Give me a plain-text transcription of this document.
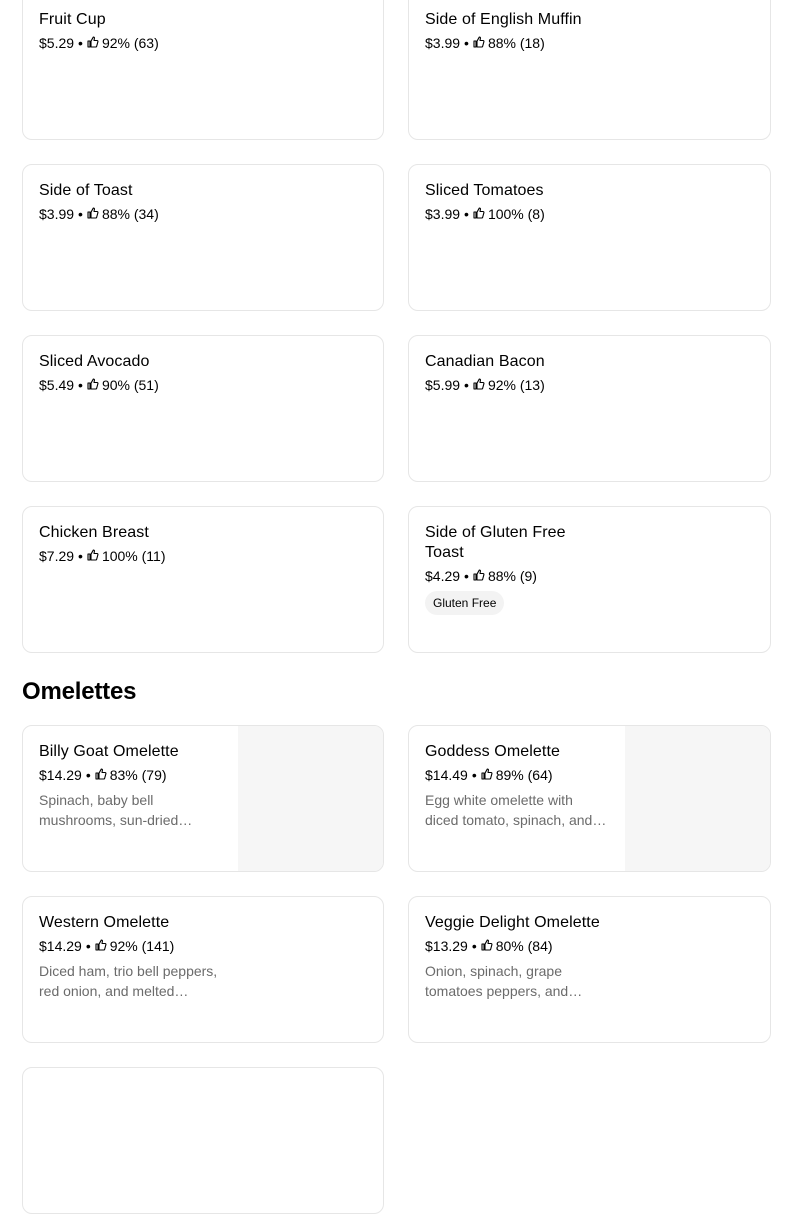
Fruit Cup
$5.29 • 92% (63)
Side of English Muffin
$3.99 • 88% (18)
Side of Toast
$3.99 • 88% (34)
Sliced Tomatoes
$3.99 • 100% (8)
Sliced Avocado
$5.49 • 90% (51)
Canadian Bacon
$5.99 • 92% (13)
Chicken Breast
$7.29 • 100% (11)
Side of Gluten Free Toast
$4.29 • 88% (9)
Gluten Free
Omelettes
Billy Goat Omelette
$14.29 • 83% (79)
Spinach, baby bell mushrooms, sun-dried…
Goddess Omelette
$14.49 • 89% (64)
Egg white omelette with diced tomato, spinach, and…
Western Omelette
$14.29 • 92% (141)
Diced ham, trio bell peppers, red onion, and melted…
Veggie Delight Omelette
$13.29 • 80% (84)
Onion, spinach, grape tomatoes peppers, and…
